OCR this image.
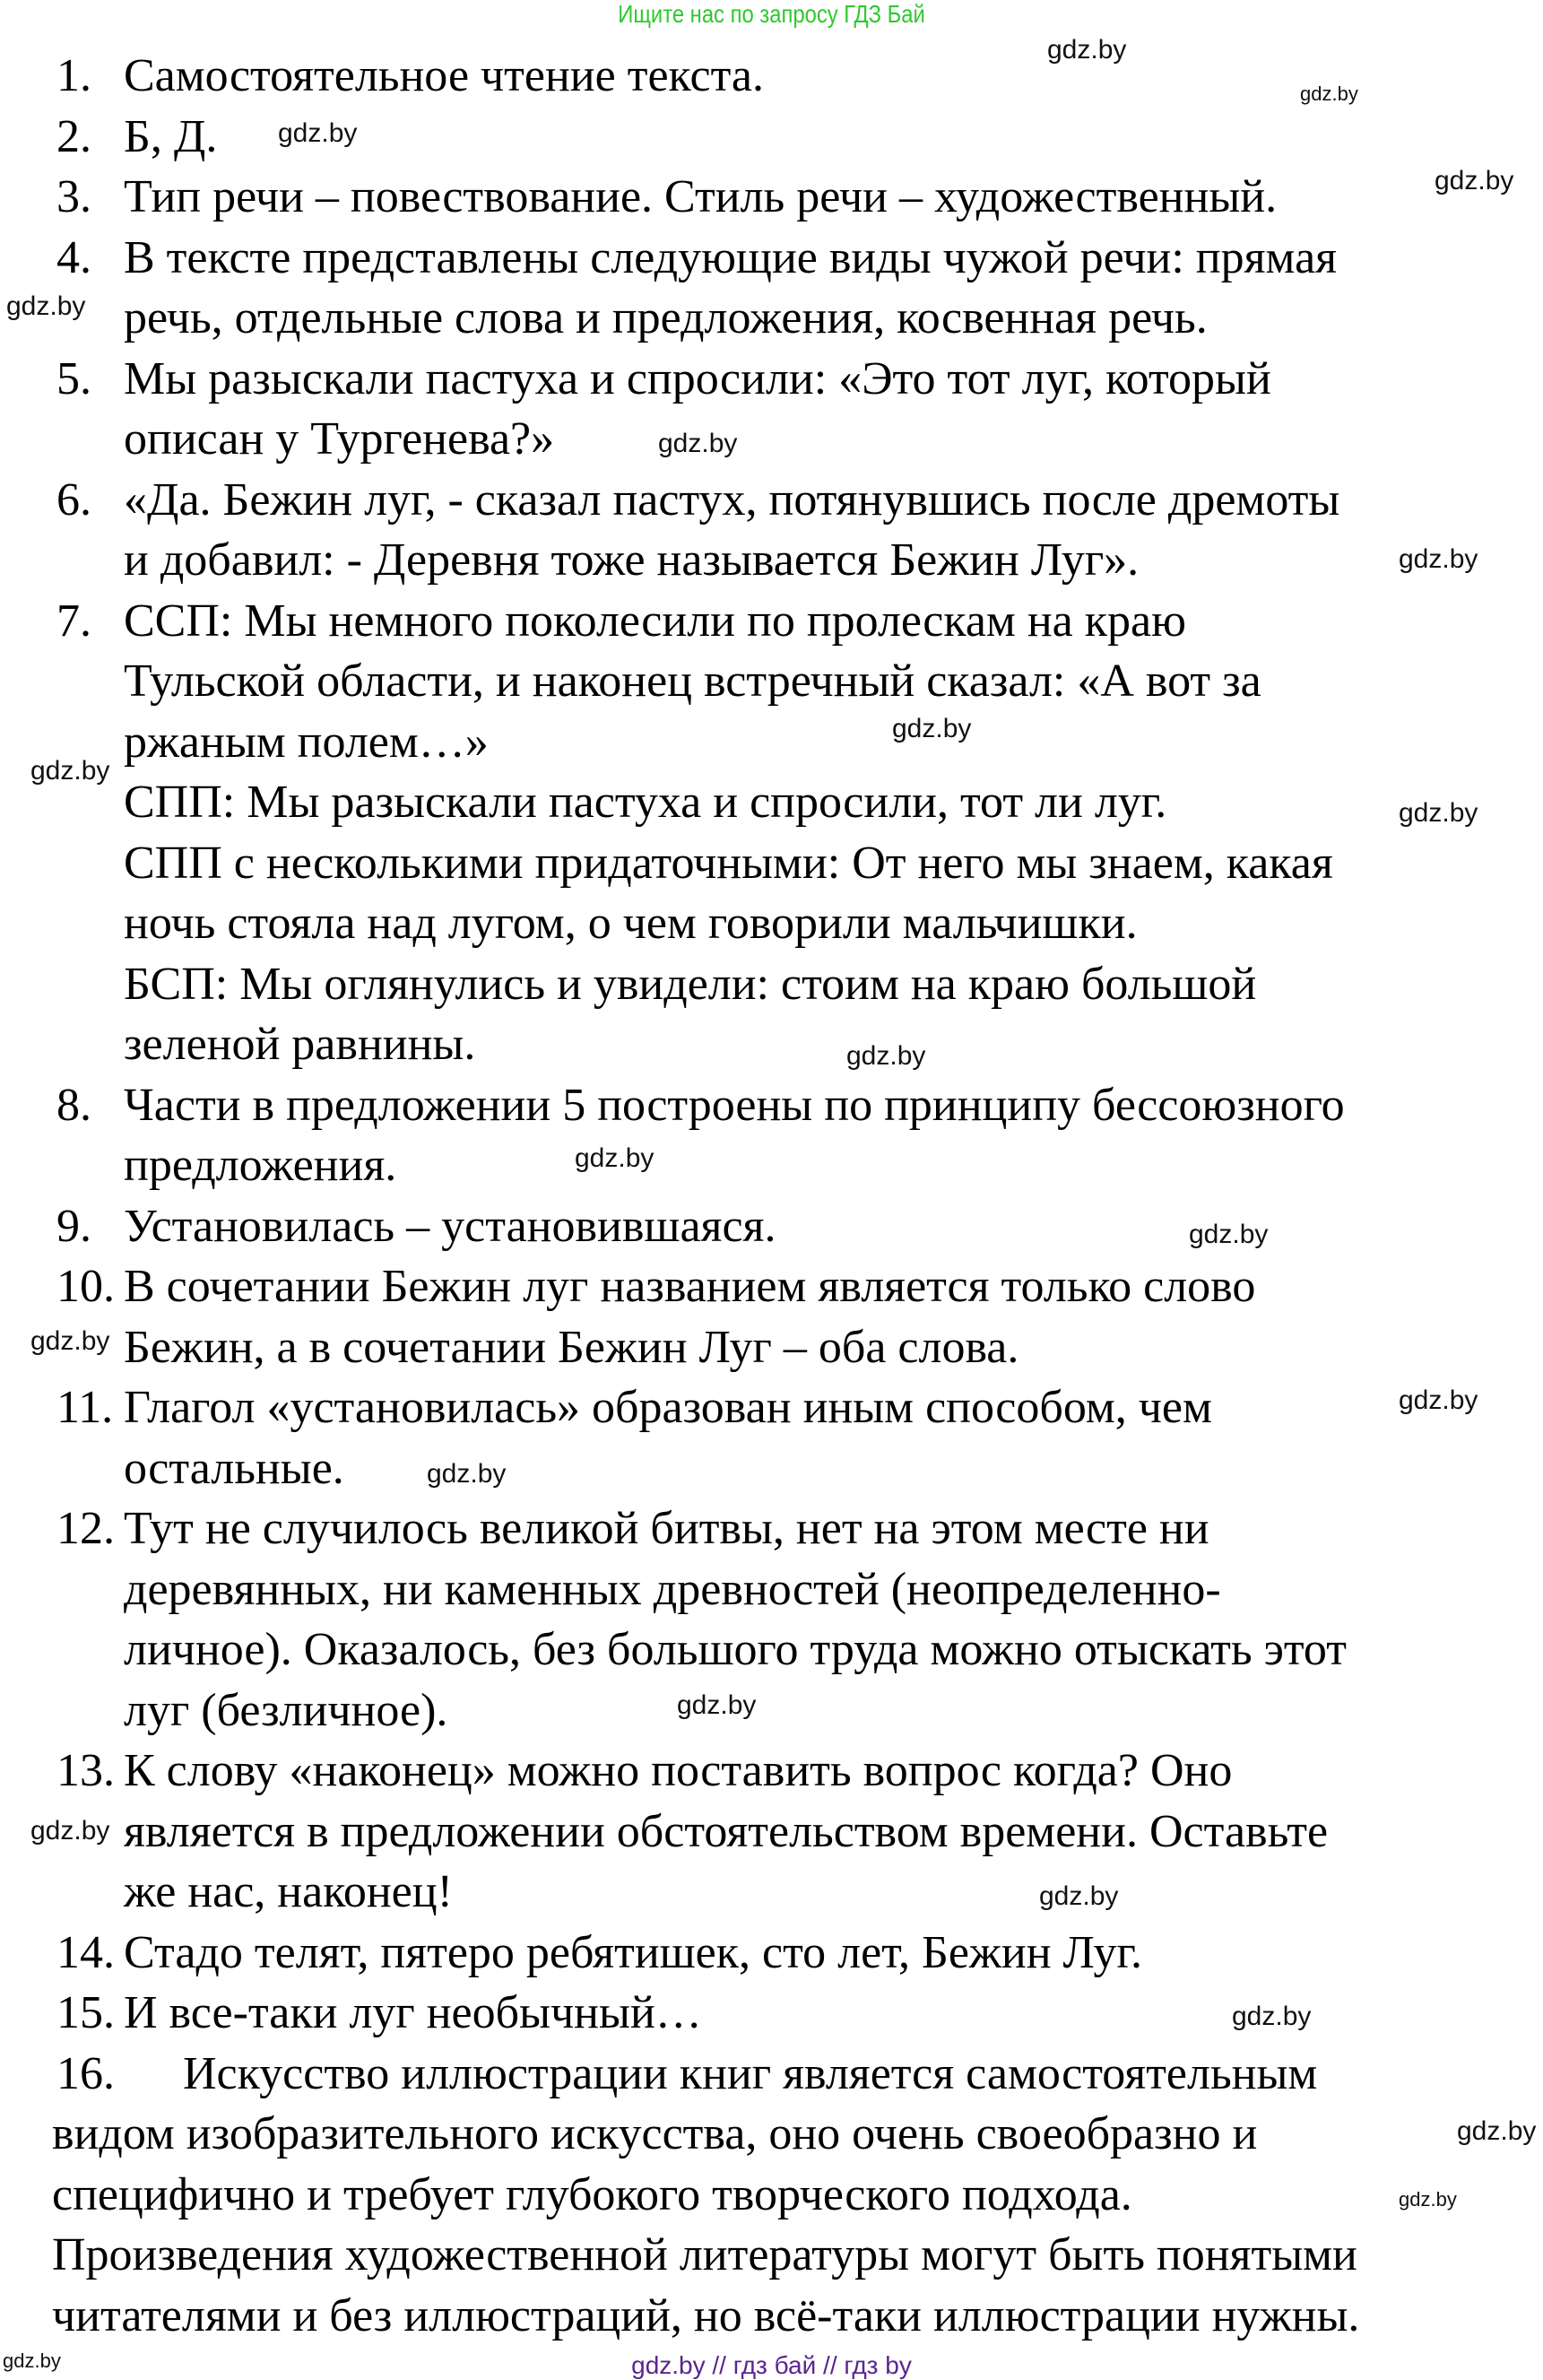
Ищите нас по запросу ГДЗ Бай
1. Самостоятельное чтение текста.
2. Б, Д.
3. Тип речи – повествование. Стиль речи – художественный.
4. В тексте представлены следующие виды чужой речи: прямая
речь, отдельные слова и предложения, косвенная речь.
5. Мы разыскали пастуха и спросили: «Это тот луг, который
описан у Тургенева?»
6. «Да. Бежин луг, - сказал пастух, потянувшись после дремоты
и добавил: - Деревня тоже называется Бежин Луг».
7. ССП: Мы немного поколесили по пролескам на краю
Тульской области, и наконец встречный сказал: «А вот за
ржаным полем…»
СПП: Мы разыскали пастуха и спросили, тот ли луг.
СПП с несколькими придаточными: От него мы знаем, какая
ночь стояла над лугом, о чем говорили мальчишки.
БСП: Мы оглянулись и увидели: стоим на краю большой
зеленой равнины.
8. Части в предложении 5 построены по принципу бессоюзного
предложения.
9. Установилась – установившаяся.
10. В сочетании Бежин луг названием является только слово
Бежин, а в сочетании Бежин Луг – оба слова.
11. Глагол «установилась» образован иным способом, чем
остальные.
12. Тут не случилось великой битвы, нет на этом месте ни
деревянных, ни каменных древностей (неопределенно-
личное). Оказалось, без большого труда можно отыскать этот
луг (безличное).
13. К слову «наконец» можно поставить вопрос когда? Оно
является в предложении обстоятельством времени. Оставьте
же нас, наконец!
14. Стадо телят, пятеро ребятишек, сто лет, Бежин Луг.
15. И все-таки луг необычный…
16. Искусство иллюстрации книг является самостоятельным
видом изобразительного искусства, оно очень своеобразно и
специфично и требует глубокого творческого подхода.
Произведения художественной литературы могут быть понятыми
читателями и без иллюстраций, но всё-таки иллюстрации нужны.
gdz.by
gdz.by
gdz.by
gdz.by
gdz.by
gdz.by
gdz.by
gdz.by
gdz.by
gdz.by
gdz.by
gdz.by
gdz.by
gdz.by
gdz.by
gdz.by
gdz.by
gdz.by
gdz.by
gdz.by
gdz.by
gdz.by
gdz.by	gdz.by // гдз бай // гдз by
